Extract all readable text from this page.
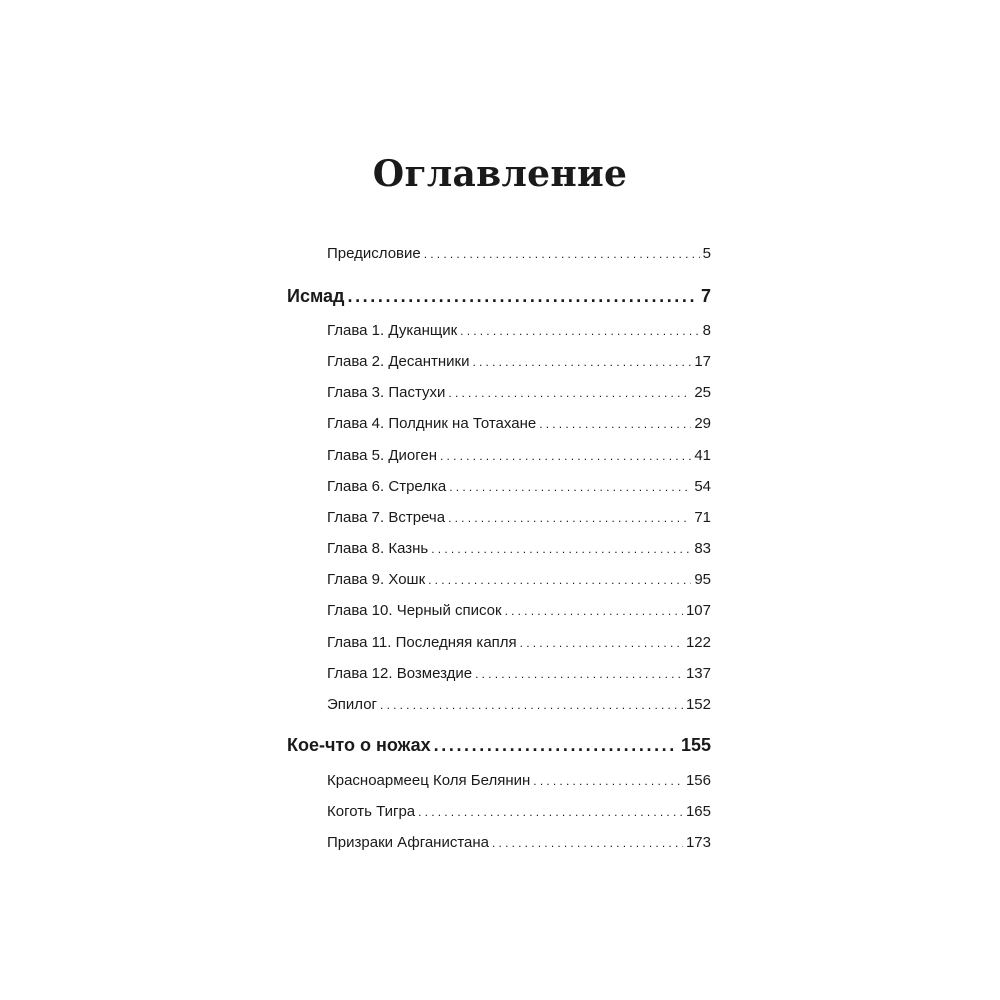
Оглавление
Предисловие .....	5
Исмад .....	7
Глава 1. Дуканщик .....	8
Глава 2. Десантники .....	17
Глава 3. Пастухи .....	25
Глава 4. Полдник на Тотахане .....	29
Глава 5. Диоген .....	41
Глава 6. Стрелка .....	54
Глава 7. Встреча .....	71
Глава 8. Казнь .....	83
Глава 9. Хошк .....	95
Глава 10. Черный список .....	107
Глава 11. Последняя капля .....	122
Глава 12. Возмездие .....	137
Эпилог .....	152
Кое-что о ножах .....	155
Красноармеец Коля Белянин .....	156
Коготь Тигра .....	165
Призраки Афганистана .....	173
